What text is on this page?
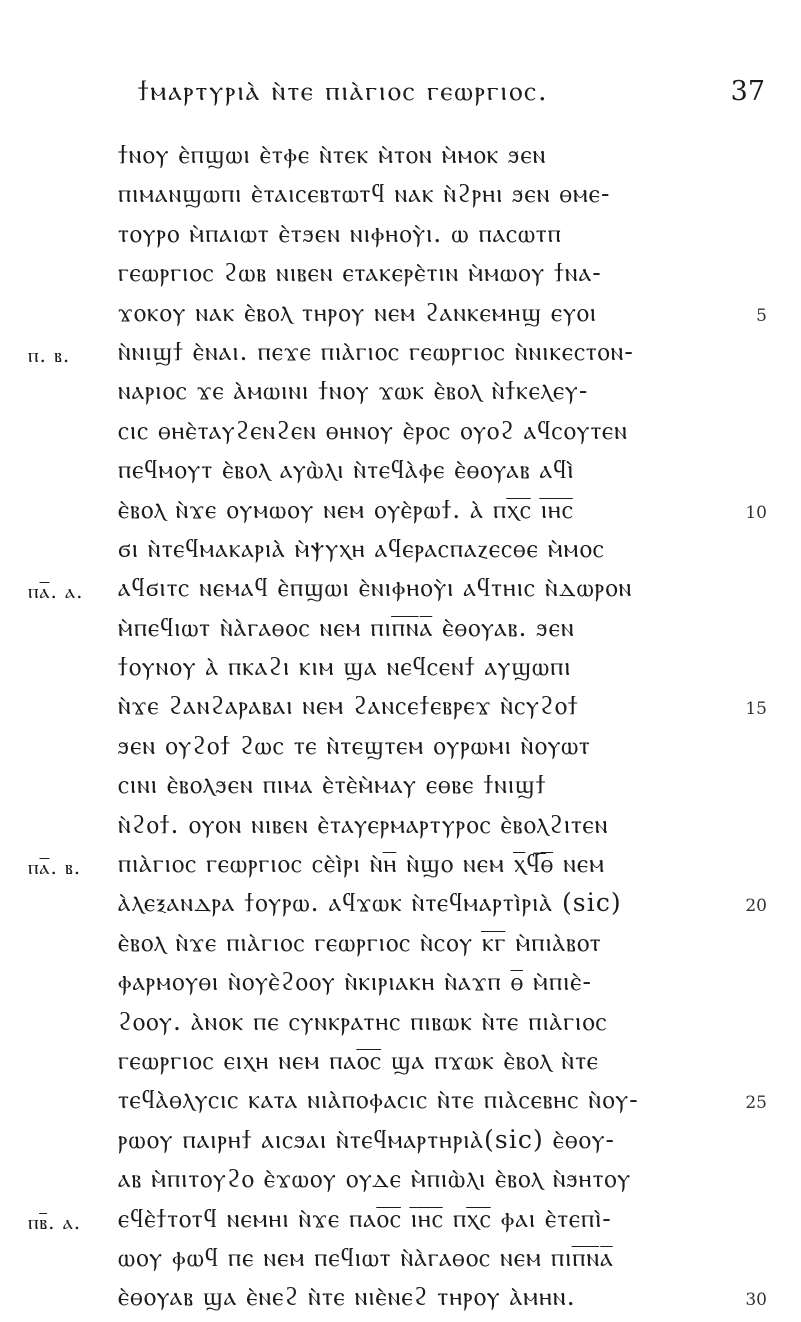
ϯⲙⲁⲣⲧⲩⲣⲓⲁ̀ ⲛ̀ⲧⲉ ⲡⲓⲁ̀ⲅⲓⲟⲥ ⲅⲉⲱⲣⲅⲓⲟⲥ.	37
ϯⲛⲟⲩ ⲉ̀ⲡϣⲱⲓ ⲉ̀ⲧⲫⲉ ⲛ̀ⲧⲉⲕ ⲙ̀ⲧⲟⲛ ⲙ̀ⲙⲟⲕ ϧⲉⲛ
ⲡⲓⲙⲁⲛϣⲱⲡⲓ ⲉ̀ⲧⲁⲓⲥⲉⲃⲧⲱⲧϥ ⲛⲁⲕ ⲛ̀ϩⲣⲏⲓ ϧⲉⲛ ⲑⲙⲉ-
ⲧⲟⲩⲣⲟ ⲙ̀ⲡⲁⲓⲱⲧ ⲉ̀ⲧϧⲉⲛ ⲛⲓⲫⲏⲟⲩ̀ⲓ. ⲱ ⲡⲁⲥⲱⲧⲡ
ⲅⲉⲱⲣⲅⲓⲟⲥ ϩⲱⲃ ⲛⲓⲃⲉⲛ ⲉⲧⲁⲕⲉⲣⲉ̀ⲧⲓⲛ ⲙ̀ⲙⲱⲟⲩ ϯⲛⲁ-
ϫⲟⲕⲟⲩ ⲛⲁⲕ ⲉ̀ⲃⲟⲗ ⲧⲏⲣⲟⲩ ⲛⲉⲙ ϩⲁⲛⲕⲉⲙⲏϣ ⲉⲩⲟⲓ	5
ⲡ. ⲃ. ⲛ̀ⲛⲓϣϯ ⲉ̀ⲛⲁⲓ. ⲡⲉϫⲉ ⲡⲓⲁ̀ⲅⲓⲟⲥ ⲅⲉⲱⲣⲅⲓⲟⲥ ⲛ̀ⲛⲓⲕⲉⲥⲧⲟⲛ-
ⲛⲁⲣⲓⲟⲥ ϫⲉ ⲁ̀ⲙⲱⲓⲛⲓ ϯⲛⲟⲩ ϫⲱⲕ ⲉ̀ⲃⲟⲗ ⲛ̀ϯⲕⲉⲗⲉⲩ-
ⲥⲓⲥ ⲑⲏⲉ̀ⲧⲁⲩϩⲉⲛϩⲉⲛ ⲑⲏⲛⲟⲩ ⲉ̀ⲣⲟⲥ ⲟⲩⲟϩ ⲁϥⲥⲟⲩⲧⲉⲛ
ⲡⲉϥⲙⲟⲩⲧ ⲉ̀ⲃⲟⲗ ⲁⲩⲱ̀ⲗⲓ ⲛ̀ⲧⲉϥⲁ̀ⲫⲉ ⲉ̀ⲑⲟⲩⲁⲃ ⲁϥⲓ̀
ⲉ̀ⲃⲟⲗ ⲛ̀ϫⲉ ⲟⲩⲙⲱⲟⲩ ⲛⲉⲙ ⲟⲩⲉ̀ⲣⲱϯ. ⲁ̀ ⲡⲭ̅ⲥ̅ ⲓ̅ⲏ̅ⲥ̅	10
ϭⲓ ⲛ̀ⲧⲉϥⲙⲁⲕⲁⲣⲓⲁ̀ ⲙ̀ⲯⲩⲭⲏ ⲁϥⲉⲣⲁⲥⲡⲁⲍⲉⲥⲑⲉ ⲙ̀ⲙⲟⲥ
ⲡⲁ̅. ⲁ. ⲁϥϭⲓⲧⲥ ⲛⲉⲙⲁϥ ⲉ̀ⲡϣⲱⲓ ⲉ̀ⲛⲓⲫⲏⲟⲩ̀ⲓ ⲁϥⲧⲏⲓⲥ ⲛ̀ⲇⲱⲣⲟⲛ
ⲙ̀ⲡⲉϥⲓⲱⲧ ⲛ̀ⲁ̀ⲅⲁⲑⲟⲥ ⲛⲉⲙ ⲡⲓⲡ̅ⲛ̅ⲁ̅ ⲉ̀ⲑⲟⲩⲁⲃ. ϧⲉⲛ
ϯⲟⲩⲛⲟⲩ ⲁ̀ ⲡⲕⲁϩⲓ ⲕⲓⲙ ϣⲁ ⲛⲉϥⲥⲉⲛϯ ⲁⲩϣⲱⲡⲓ
ⲛ̀ϫⲉ ϩⲁⲛϩⲁⲣⲁⲃⲁⲓ ⲛⲉⲙ ϩⲁⲛⲥⲉϯⲉⲃⲣⲉϫ ⲛ̀ⲥⲩϩⲟϯ	15
ϧⲉⲛ ⲟⲩϩⲟϯ ϩⲱⲥ ⲧⲉ ⲛ̀ⲧⲉϣⲧⲉⲙ ⲟⲩⲣⲱⲙⲓ ⲛ̀ⲟⲩⲱⲧ
ⲥⲓⲛⲓ ⲉ̀ⲃⲟⲗϧⲉⲛ ⲡⲓⲙⲁ ⲉ̀ⲧⲉ̀ⲙ̀ⲙⲁⲩ ⲉⲑⲃⲉ ϯⲛⲓϣϯ
ⲛ̀ϩⲟϯ. ⲟⲩⲟⲛ ⲛⲓⲃⲉⲛ ⲉ̀ⲧⲁⲩⲉⲣⲙⲁⲣⲧⲩⲣⲟⲥ ⲉ̀ⲃⲟⲗϩⲓⲧⲉⲛ
ⲡⲁ̅. ⲃ. ⲡⲓⲁ̀ⲅⲓⲟⲥ ⲅⲉⲱⲣⲅⲓⲟⲥ ⲥⲉ̀ⲓ̀ⲣⲓ ⲛ̀ⲏ̅ ⲛ̀ϣⲟ ⲛⲉⲙ ⲭ̅ϥ̅ⲑ̅ ⲛⲉⲙ
ⲁ̀ⲗⲉⲝⲁⲛⲇⲣⲁ ϯⲟⲩⲣⲱ. ⲁϥϫⲱⲕ ⲛ̀ⲧⲉϥⲙⲁⲣⲧⲓ̀ⲣⲓⲁ̀ (sic)	20
ⲉ̀ⲃⲟⲗ ⲛ̀ϫⲉ ⲡⲓⲁ̀ⲅⲓⲟⲥ ⲅⲉⲱⲣⲅⲓⲟⲥ ⲛ̀ⲥⲟⲩ ⲕ̅ⲅ̅ ⲙ̀ⲡⲓⲁ̀ⲃⲟⲧ
ⲫⲁⲣⲙⲟⲩⲑⲓ ⲛ̀ⲟⲩⲉ̀ϩⲟⲟⲩ ⲛ̀ⲕⲓⲣⲓⲁⲕⲏ ⲛ̀ⲁϫⲡ ⲑ̅ ⲙ̀ⲡⲓⲉ̀-
ϩⲟⲟⲩ. ⲁ̀ⲛⲟⲕ ⲡⲉ ⲥⲩⲛⲕⲣⲁⲧⲏⲥ ⲡⲓⲃⲱⲕ ⲛ̀ⲧⲉ ⲡⲓⲁ̀ⲅⲓⲟⲥ
ⲅⲉⲱⲣⲅⲓⲟⲥ ⲉⲓⲭⲏ ⲛⲉⲙ ⲡⲁⲟ̅ⲥ̅ ϣⲁ ⲡϫⲱⲕ ⲉ̀ⲃⲟⲗ ⲛ̀ⲧⲉ
ⲧⲉϥⲁ̀ⲑⲗⲩⲥⲓⲥ ⲕⲁⲧⲁ ⲛⲓⲁ̀ⲡⲟⲫⲁⲥⲓⲥ ⲛ̀ⲧⲉ ⲡⲓⲁ̀ⲥⲉⲃⲏⲥ ⲛ̀ⲟⲩ-	25
ⲣⲱⲟⲩ ⲡⲁⲓⲣⲏϯ ⲁⲓⲥϧⲁⲓ ⲛ̀ⲧⲉϥⲙⲁⲣⲧⲏⲣⲓⲁ̀(sic) ⲉ̀ⲑⲟⲩ-
ⲁⲃ ⲙ̀ⲡⲓⲧⲟⲩϩⲟ ⲉ̀ϫⲱⲟⲩ ⲟⲩⲇⲉ ⲙ̀ⲡⲓⲱ̀ⲗⲓ ⲉ̀ⲃⲟⲗ ⲛ̀ϧⲏⲧⲟⲩ
ⲡⲃ̅. ⲁ. ⲉϥⲉ̀ϯⲧⲟⲧϥ ⲛⲉⲙⲏⲓ ⲛ̀ϫⲉ ⲡⲁⲟ̅ⲥ̅ ⲓ̅ⲏ̅ⲥ̅ ⲡⲭ̅ⲥ̅ ⲫⲁⲓ ⲉ̀ⲧⲉⲡⲓ̀-
ⲱⲟⲩ ⲫⲱϥ ⲡⲉ ⲛⲉⲙ ⲡⲉϥⲓⲱⲧ ⲛ̀ⲁ̀ⲅⲁⲑⲟⲥ ⲛⲉⲙ ⲡⲓⲡ̅ⲛ̅ⲁ̅
ⲉ̀ⲑⲟⲩⲁⲃ ϣⲁ ⲉ̀ⲛⲉϩ ⲛ̀ⲧⲉ ⲛⲓⲉ̀ⲛⲉϩ ⲧⲏⲣⲟⲩ ⲁ̀ⲙⲏⲛ.	30
